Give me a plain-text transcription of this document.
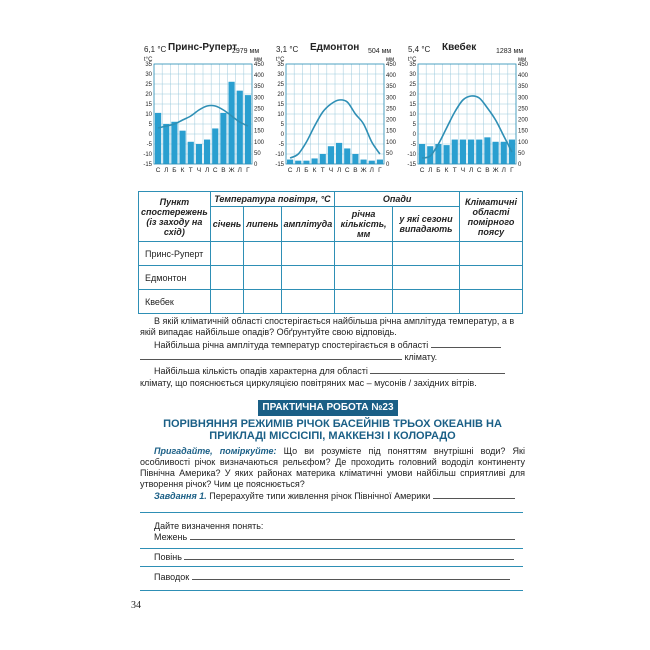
35
30
25
20
15
10
5
0
-5
-10
-15
450
400
350
300
250
200
150
100
50
0
t°C	мм
С Л Б К Т Ч Л С В Ж Л Г
6,1 °C Принс-Руперт
2979 мм
35
30
25
20
15
10
5
0
-5
-10
-15
450
400
350
300
250
200
150
100
50
0
t°C	мм
С Л Б К Т Ч Л С В Ж Л Г
3,1 °C Едмонтон 504 мм
35
30
25
20
15
10
5
0
-5
-10
-15
450
400
350
300
250
200
150
100
50
0
t°C	мм
С Л Б К Т Ч Л С В Ж Л Г
5,4 °C Квебек	1283 мм
Пункт спостережень (із заходу на схід)	Температура повітря, °С			Опади		Кліматичні області помірного поясу
	січень	липень	амплітуда	річна кількість, мм	у які сезони випадають	
Принс-Руперт						
Едмонтон						
Квебек						
В якій кліматичній області спостерігається найбільша річна амплітуда температур, а в якій випадає найбільше опадів? Обґрунтуйте свою відповідь.
Найбільша річна амплітуда температур спостерігається в області
клімату.
Найбільша кількість опадів характерна для області
клімату, що пояснюється циркуляцією повітряних мас – мусонів / західних вітрів.
ПРАКТИЧНА РОБОТА №23
ПОРІВНЯННЯ РЕЖИМІВ РІЧОК БАСЕЙНІВ ТРЬОХ ОКЕАНІВ НА ПРИКЛАДІ МІССІСІПІ, МАККЕНЗІ І КОЛОРАДО
Пригадайте, поміркуйте: Що ви розумієте під поняттям внутрішні води? Які особливості річок визначаються рельєфом? Де проходить головний вододіл континенту Північна Америка? У яких районах материка кліматичні умови найбільш сприятливі для утворення річок? Чим це пояснюється?
Завдання 1. Перерахуйте типи живлення річок Північної Америки
Дайте визначення понять:
Межень
Повінь
Паводок
34
